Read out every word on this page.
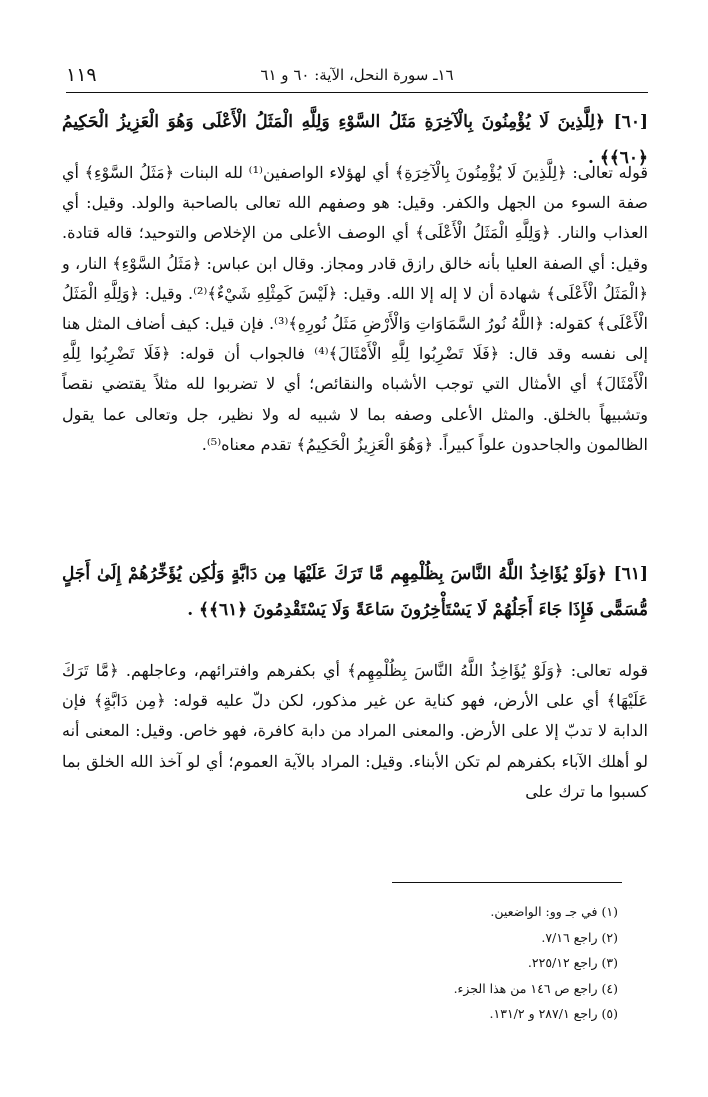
١١٩	١٦ـ سورة النحل، الآية: ٦٠ و ٦١
[٦٠] ﴿لِلَّذِينَ لَا يُؤْمِنُونَ بِالْآخِرَةِ مَثَلُ السَّوْءِ وَلِلَّهِ الْمَثَلُ الْأَعْلَى وَهُوَ الْعَزِيزُ الْحَكِيمُ ﴿٦٠﴾﴾ .
قوله تعالى: ﴿لِلَّذِينَ لَا يُؤْمِنُونَ بِالْآخِرَةِ﴾ أي لهؤلاء الواصفين⁽¹⁾ لله البنات ﴿مَثَلُ السَّوْءِ﴾ أي صفة السوء من الجهل والكفر. وقيل: هو وصفهم الله تعالى بالصاحبة والولد. وقيل: أي العذاب والنار. ﴿وَلِلَّهِ الْمَثَلُ الْأَعْلَى﴾ أي الوصف الأعلى من الإخلاص والتوحيد؛ قاله قتادة. وقيل: أي الصفة العليا بأنه خالق رازق قادر ومجاز. وقال ابن عباس: ﴿مَثَلُ السَّوْءِ﴾ النار، و ﴿الْمَثَلُ الْأَعْلَى﴾ شهادة أن لا إله إلا الله. وقيل: ﴿لَيْسَ كَمِثْلِهِ شَيْءٌ﴾⁽²⁾. وقيل: ﴿وَلِلَّهِ الْمَثَلُ الْأَعْلَى﴾ كقوله: ﴿اللَّهُ نُورُ السَّمَاوَاتِ وَالْأَرْضِ مَثَلُ نُورِهِ﴾⁽³⁾. فإن قيل: كيف أضاف المثل هنا إلى نفسه وقد قال: ﴿فَلَا تَضْرِبُوا لِلَّهِ الْأَمْثَالَ﴾⁽⁴⁾ فالجواب أن قوله: ﴿فَلَا تَضْرِبُوا لِلَّهِ الْأَمْثَالَ﴾ أي الأمثال التي توجب الأشباه والنقائص؛ أي لا تضربوا لله مثلاً يقتضي نقصاً وتشبيهاً بالخلق. والمثل الأعلى وصفه بما لا شبيه له ولا نظير، جل وتعالى عما يقول الظالمون والجاحدون علواً كبيراً. ﴿وَهُوَ الْعَزِيزُ الْحَكِيمُ﴾ تقدم معناه⁽⁵⁾.
[٦١] ﴿وَلَوْ يُؤَاخِذُ اللَّهُ النَّاسَ بِظُلْمِهِم مَّا تَرَكَ عَلَيْهَا مِن دَابَّةٍ وَلَٰكِن يُؤَخِّرُهُمْ إِلَىٰ أَجَلٍ مُّسَمًّى فَإِذَا جَاءَ أَجَلُهُمْ لَا يَسْتَأْخِرُونَ سَاعَةً وَلَا يَسْتَقْدِمُونَ ﴿٦١﴾﴾ .
قوله تعالى: ﴿وَلَوْ يُؤَاخِذُ اللَّهُ النَّاسَ بِظُلْمِهِم﴾ أي بكفرهم وافترائهم، وعاجلهم. ﴿مَّا تَرَكَ عَلَيْهَا﴾ أي على الأرض، فهو كناية عن غير مذكور، لكن دلّ عليه قوله: ﴿مِن دَابَّةٍ﴾ فإن الدابة لا تدبّ إلا على الأرض. والمعنى المراد من دابة كافرة، فهو خاص. وقيل: المعنى أنه لو أهلك الآباء بكفرهم لم تكن الأبناء. وقيل: المراد بالآية العموم؛ أي لو آخذ الله الخلق بما كسبوا ما ترك على
(١) في جـ وو: الواضعين.
(٢) راجع ٧/١٦.
(٣) راجع ٢٢٥/١٢.
(٤) راجع ص ١٤٦ من هذا الجزء.
(٥) راجع ٢٨٧/١ و ١٣١/٢.
